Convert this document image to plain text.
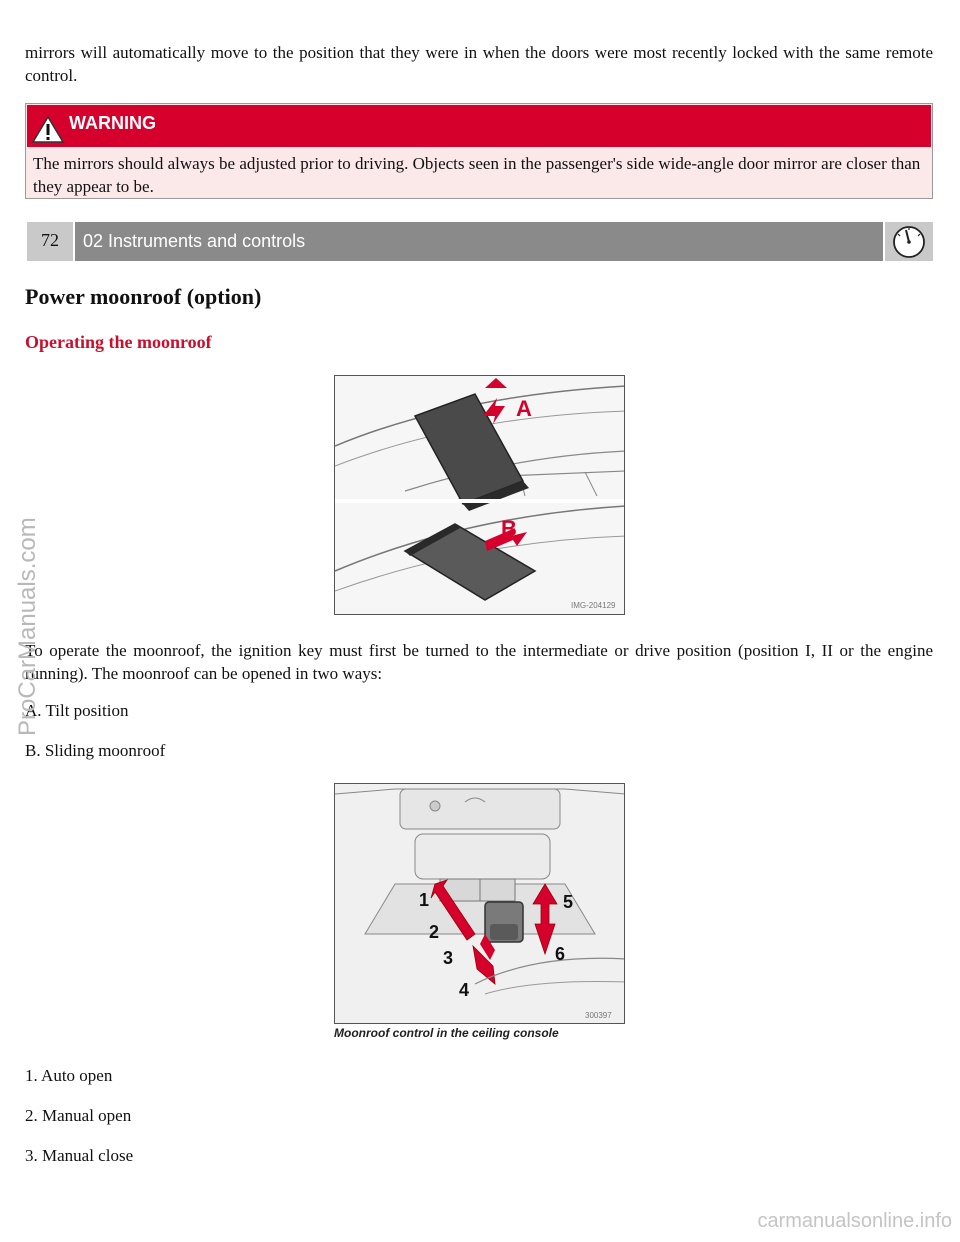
mirrors will automatically move to the position that they were in when the doors were most recently locked with the same remote control.

WARNING

The mirrors should always be adjusted prior to driving. Objects seen in the passenger's side wide-angle door mirror are closer than they appear to be.

72	02 Instruments and controls
Power moonroof (option)
Operating the moonroof
A
B
IMG-204129

To operate the moonroof, the ignition key must first be turned to the intermediate or drive position (position I, II or the engine running). The moonroof can be opened in two ways:

A. Tilt position

B. Sliding moonroof

1
2
3
4
5
6
300397
Moonroof control in the ceiling console

1. Auto open

2. Manual open

3. Manual close

ProCarManuals.com
carmanualsonline.info
